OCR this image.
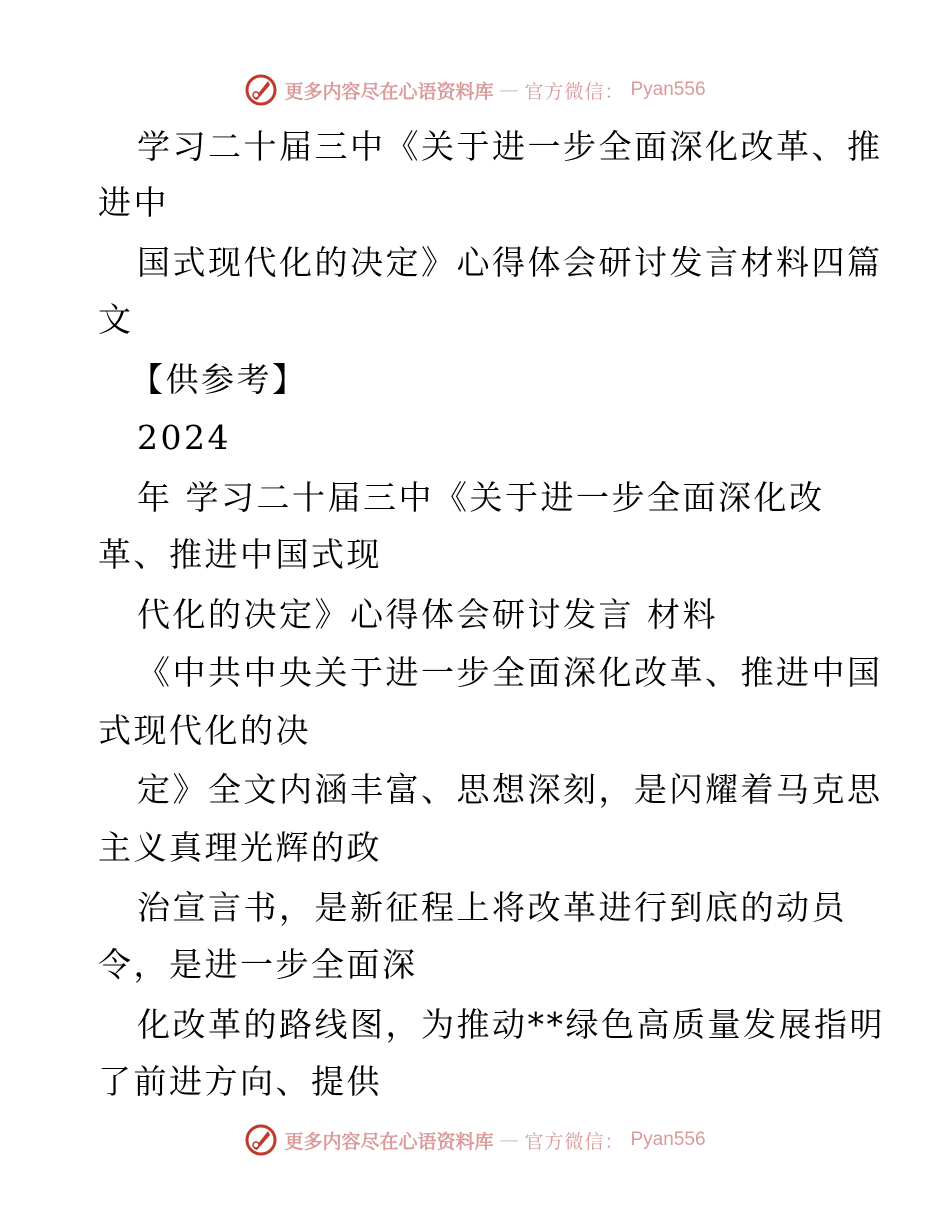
更多内容尽在心语资料库 — 官方微信： Pyan556
学习二十届三中《关于进一步全面深化改革、推
进中
国式现代化的决定》心得体会研讨发言材料四篇
文
【供参考】
2024
年 学习二十届三中《关于进一步全面深化改
革、推进中国式现
代化的决定》心得体会研讨发言 材料
《中共中央关于进一步全面深化改革、推进中国
式现代化的决
定》全文内涵丰富、思想深刻，是闪耀着马克思
主义真理光辉的政
治宣言书，是新征程上将改革进行到底的动员
令，是进一步全面深
化改革的路线图，为推动**绿色高质量发展指明
了前进方向、提供
更多内容尽在心语资料库 — 官方微信： Pyan556
